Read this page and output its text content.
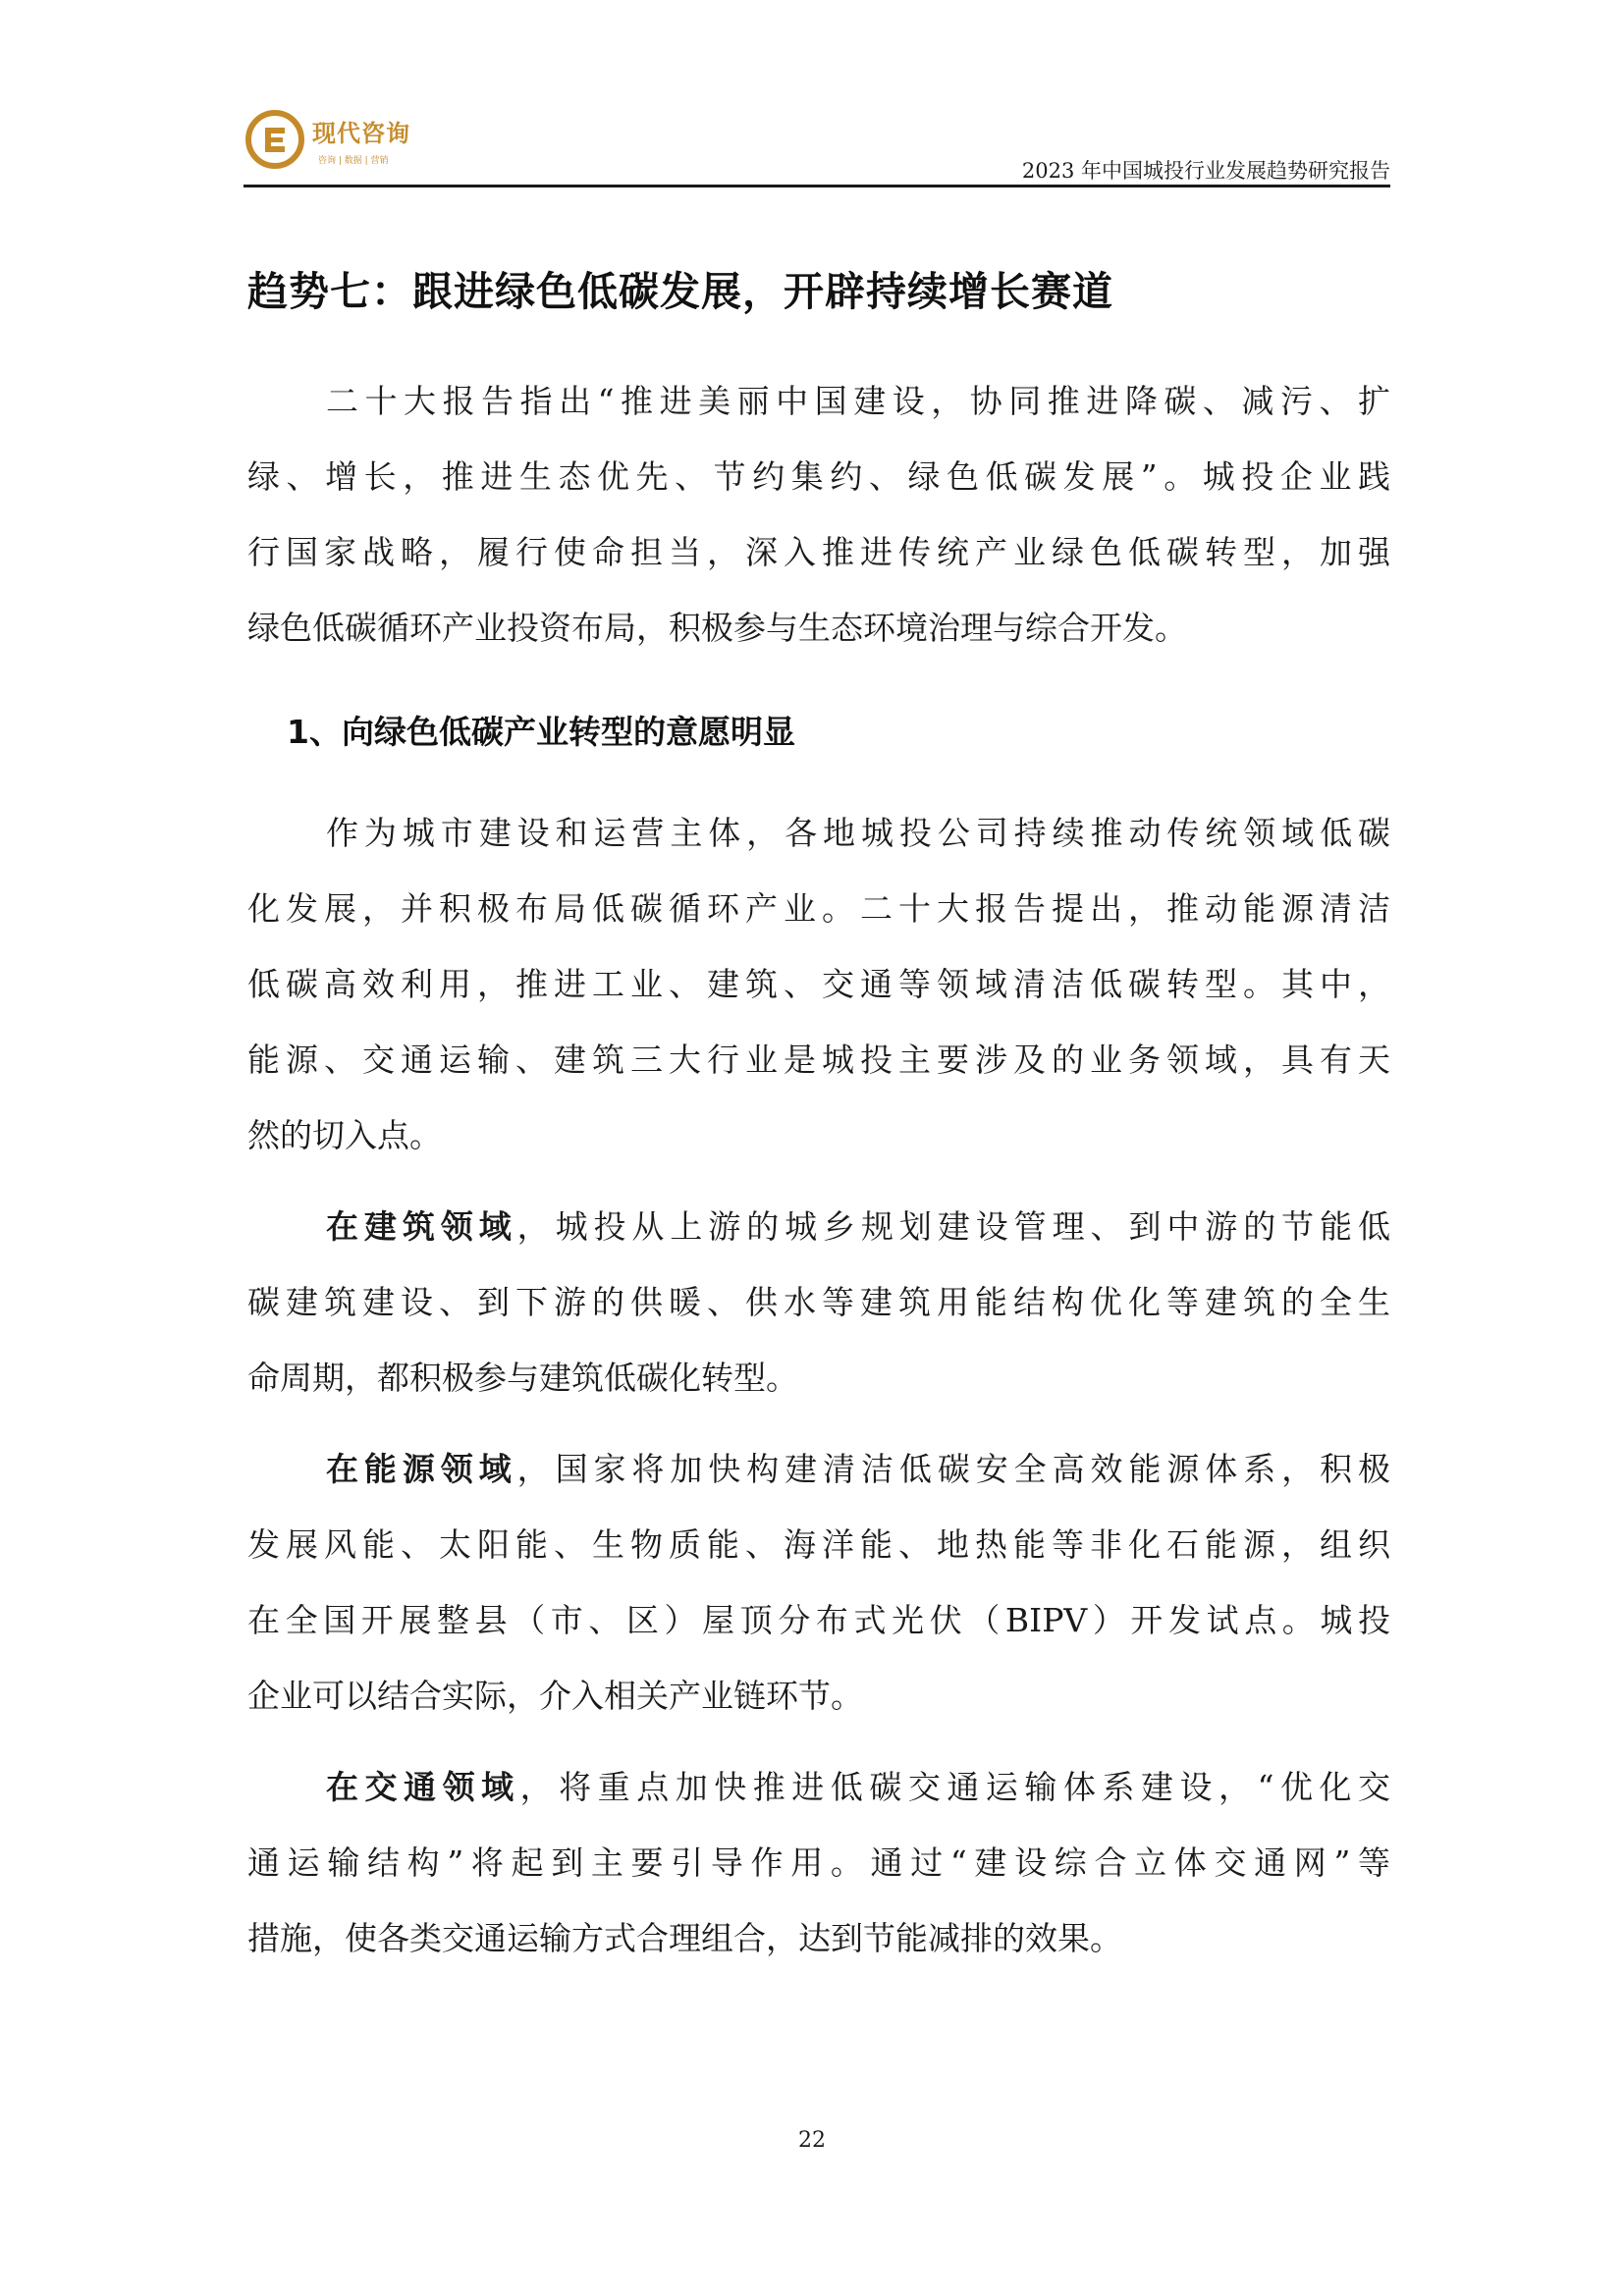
现代咨询
咨询 | 数据 | 营销	2023 年中国城投行业发展趋势研究报告
趋势七：跟进绿色低碳发展，开辟持续增长赛道
二十大报告指出“推进美丽中国建设，协同推进降碳、减污、扩
绿、增长，推进生态优先、节约集约、绿色低碳发展”。城投企业践
行国家战略，履行使命担当，深入推进传统产业绿色低碳转型，加强
绿色低碳循环产业投资布局，积极参与生态环境治理与综合开发。
1、向绿色低碳产业转型的意愿明显
作为城市建设和运营主体，各地城投公司持续推动传统领域低碳
化发展，并积极布局低碳循环产业。二十大报告提出，推动能源清洁
低碳高效利用，推进工业、建筑、交通等领域清洁低碳转型。其中，
能源、交通运输、建筑三大行业是城投主要涉及的业务领域，具有天
然的切入点。
在建筑领域，城投从上游的城乡规划建设管理、到中游的节能低
碳建筑建设、到下游的供暖、供水等建筑用能结构优化等建筑的全生
命周期，都积极参与建筑低碳化转型。
在能源领域，国家将加快构建清洁低碳安全高效能源体系，积极
发展风能、太阳能、生物质能、海洋能、地热能等非化石能源，组织
在全国开展整县（市、区）屋顶分布式光伏（BIPV）开发试点。城投
企业可以结合实际，介入相关产业链环节。
在交通领域，将重点加快推进低碳交通运输体系建设，“优化交
通运输结构”将起到主要引导作用。通过“建设综合立体交通网”等
措施，使各类交通运输方式合理组合，达到节能减排的效果。
22
